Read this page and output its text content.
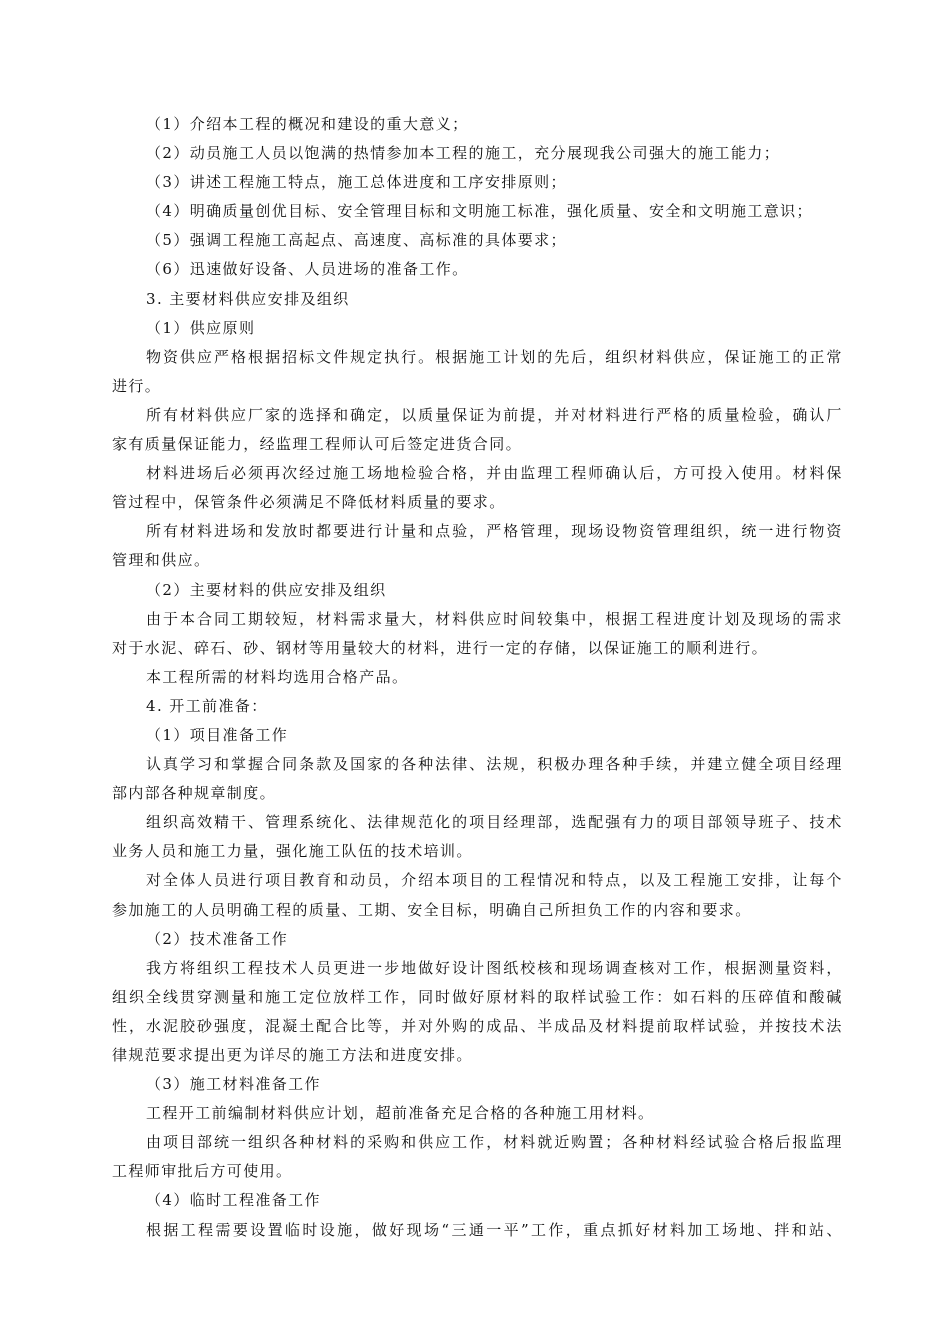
（1）介绍本工程的概况和建设的重大意义；
（2）动员施工人员以饱满的热情参加本工程的施工，充分展现我公司强大的施工能力；
（3）讲述工程施工特点，施工总体进度和工序安排原则；
（4）明确质量创优目标、安全管理目标和文明施工标准，强化质量、安全和文明施工意识；
（5）强调工程施工高起点、高速度、高标准的具体要求；
（6）迅速做好设备、人员进场的准备工作。
3. 主要材料供应安排及组织
（1）供应原则
物资供应严格根据招标文件规定执行。根据施工计划的先后，组织材料供应，保证施工的正常
进行。
所有材料供应厂家的选择和确定，以质量保证为前提，并对材料进行严格的质量检验，确认厂
家有质量保证能力，经监理工程师认可后签定进货合同。
材料进场后必须再次经过施工场地检验合格，并由监理工程师确认后，方可投入使用。材料保
管过程中，保管条件必须满足不降低材料质量的要求。
所有材料进场和发放时都要进行计量和点验，严格管理，现场设物资管理组织，统一进行物资
管理和供应。
（2）主要材料的供应安排及组织
由于本合同工期较短，材料需求量大，材料供应时间较集中，根据工程进度计划及现场的需求
对于水泥、碎石、砂、钢材等用量较大的材料，进行一定的存储，以保证施工的顺利进行。
本工程所需的材料均选用合格产品。
4. 开工前准备：
（1）项目准备工作
认真学习和掌握合同条款及国家的各种法律、法规，积极办理各种手续，并建立健全项目经理
部内部各种规章制度。
组织高效精干、管理系统化、法律规范化的项目经理部，选配强有力的项目部领导班子、技术
业务人员和施工力量，强化施工队伍的技术培训。
对全体人员进行项目教育和动员，介绍本项目的工程情况和特点，以及工程施工安排，让每个
参加施工的人员明确工程的质量、工期、安全目标，明确自己所担负工作的内容和要求。
（2）技术准备工作
我方将组织工程技术人员更进一步地做好设计图纸校核和现场调查核对工作，根据测量资料，
组织全线贯穿测量和施工定位放样工作，同时做好原材料的取样试验工作：如石料的压碎值和酸碱
性，水泥胶砂强度，混凝土配合比等，并对外购的成品、半成品及材料提前取样试验，并按技术法
律规范要求提出更为详尽的施工方法和进度安排。
（3）施工材料准备工作
工程开工前编制材料供应计划，超前准备充足合格的各种施工用材料。
由项目部统一组织各种材料的采购和供应工作，材料就近购置；各种材料经试验合格后报监理
工程师审批后方可使用。
（4）临时工程准备工作
根据工程需要设置临时设施，做好现场“三通一平”工作，重点抓好材料加工场地、拌和站、
